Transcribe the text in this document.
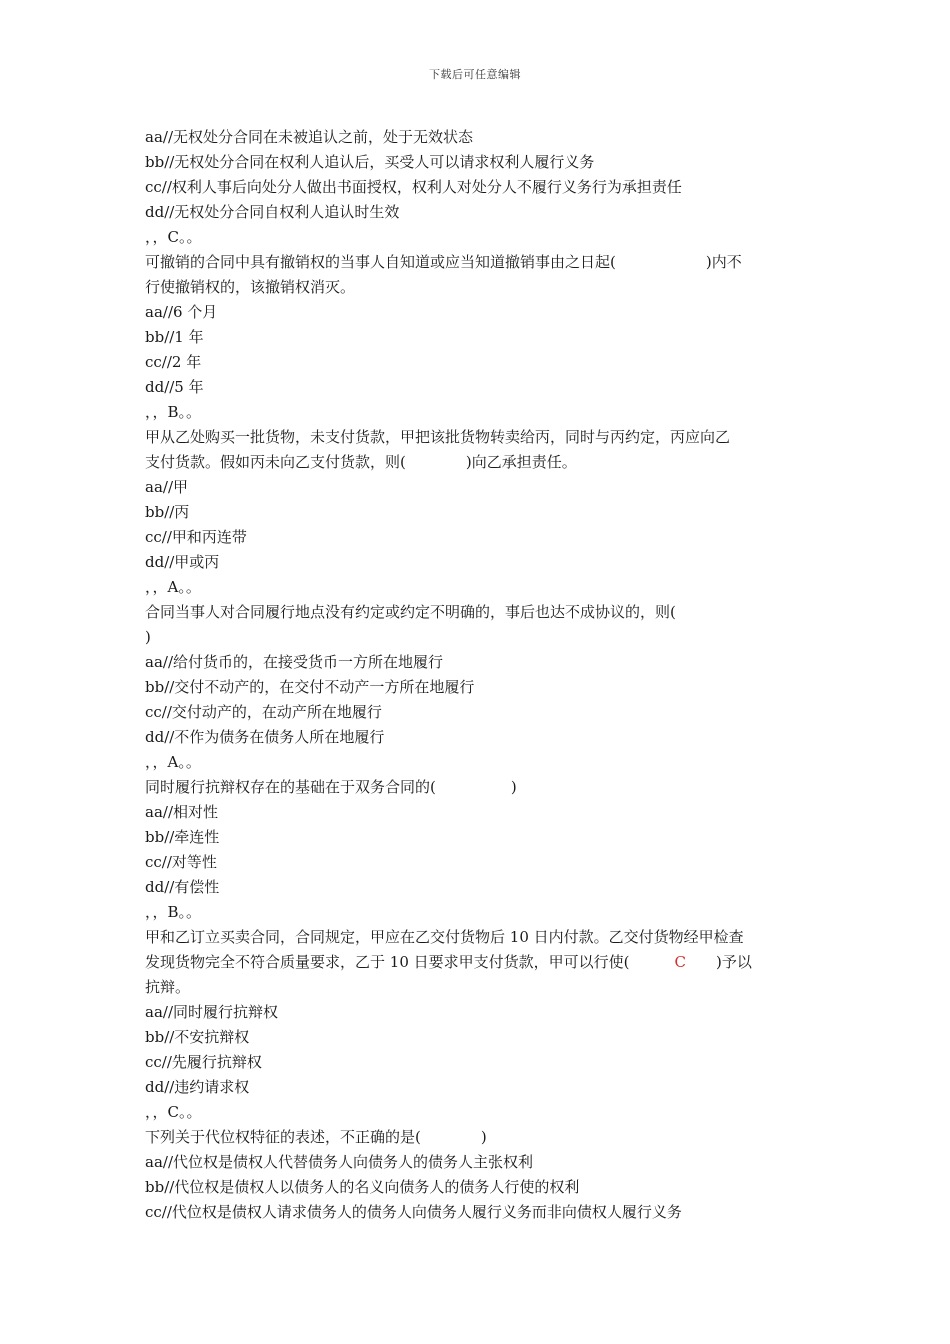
下载后可任意编辑
aa//无权处分合同在未被追认之前，处于无效状态
bb//无权处分合同在权利人追认后，买受人可以请求权利人履行义务
cc//权利人事后向处分人做出书面授权，权利人对处分人不履行义务行为承担责任
dd//无权处分合同自权利人追认时生效
，，C。。
可撤销的合同中具有撤销权的当事人自知道或应当知道撤销事由之日起(　　　　　　)内不
行使撤销权的，该撤销权消灭。
aa//6 个月
bb//1 年
cc//2 年
dd//5 年
，，B。。
甲从乙处购买一批货物，未支付货款，甲把该批货物转卖给丙，同时与丙约定，丙应向乙
支付货款。假如丙未向乙支付货款，则(　　　　)向乙承担责任。
aa//甲
bb//丙
cc//甲和丙连带
dd//甲或丙
，，A。。
合同当事人对合同履行地点没有约定或约定不明确的，事后也达不成协议的，则(
)
aa//给付货币的，在接受货币一方所在地履行
bb//交付不动产的，在交付不动产一方所在地履行
cc//交付动产的，在动产所在地履行
dd//不作为债务在债务人所在地履行
，，A。。
同时履行抗辩权存在的基础在于双务合同的(　　　　　)
aa//相对性
bb//牵连性
cc//对等性
dd//有偿性
，，B。。
甲和乙订立买卖合同，合同规定，甲应在乙交付货物后 10 日内付款。乙交付货物经甲检查
发现货物完全不符合质量要求，乙于 10 日要求甲支付货款，甲可以行使(　　　C　　)予以
抗辩。
aa//同时履行抗辩权
bb//不安抗辩权
cc//先履行抗辩权
dd//违约请求权
，，C。。
下列关于代位权特征的表述，不正确的是(　　　　)
aa//代位权是债权人代替债务人向债务人的债务人主张权利
bb//代位权是债权人以债务人的名义向债务人的债务人行使的权利
cc//代位权是债权人请求债务人的债务人向债务人履行义务而非向债权人履行义务
